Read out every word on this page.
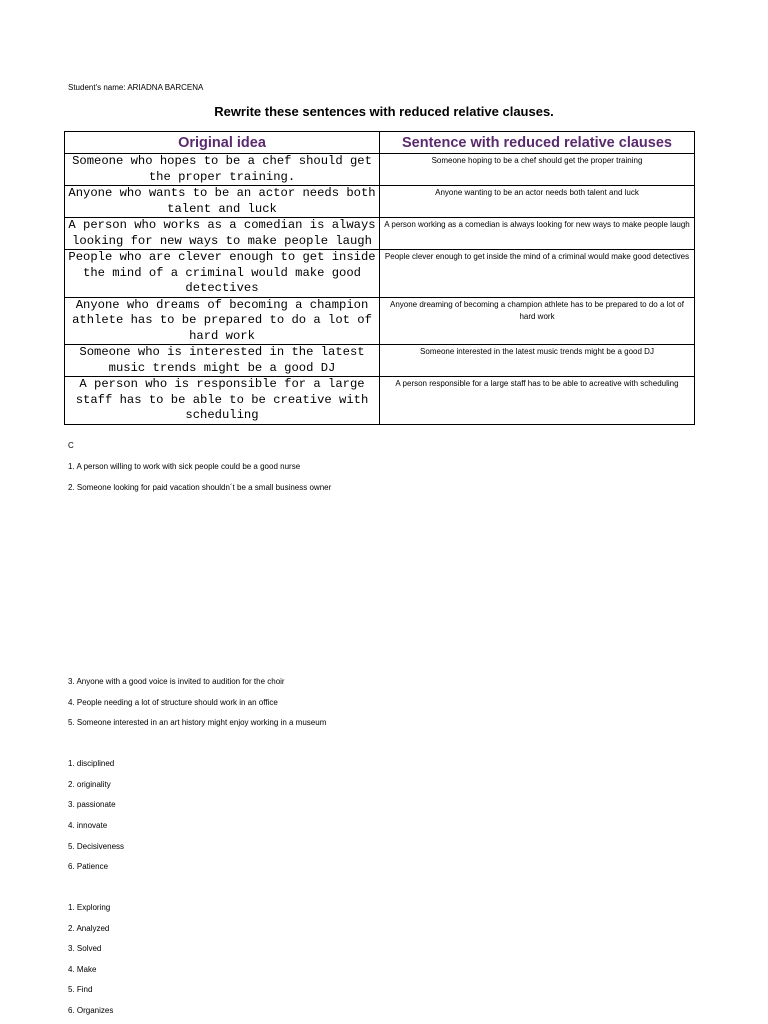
Student's name: ARIADNA BARCENA
Rewrite these sentences with reduced relative clauses.
Original idea	Sentence with reduced relative clauses
Someone who hopes to be a chef should get the proper training.	Someone hoping to be a chef should get the proper training
Anyone who wants to be an actor needs both talent and luck	Anyone wanting to be an actor needs both talent and luck
A person who works as a comedian is always looking for new ways to make people laugh	A person working as a comedian is always looking for new ways to make people laugh
People who are clever enough to get inside the mind of a criminal would make good detectives	People clever enough to get inside the mind of a criminal would make good detectives
Anyone who dreams of becoming a champion athlete has to be prepared to do a lot of hard work	Anyone dreaming of becoming a champion athlete has to be prepared to do a lot of hard work
Someone who is interested in the latest music trends might be a good DJ	Someone interested in the latest music trends might be a good DJ
A person who is responsible for a large staff has to be able to be creative with scheduling	A person responsible for a large staff has to be able to acreative with scheduling
C
1. A person willing to work with sick people could be a good nurse
2. Someone looking for paid vacation shouldn´t be a small business owner
3. Anyone with a good voice is invited to audition for the choir
4. People needing a lot of structure should work in an office
5. Someone interested in an art history might enjoy working in a museum
1. disciplined
2. originality
3. passionate
4. innovate
5. Decisiveness
6. Patience
1. Exploring
2. Analyzed
3. Solved
4. Make
5. Find
6. Organizes
